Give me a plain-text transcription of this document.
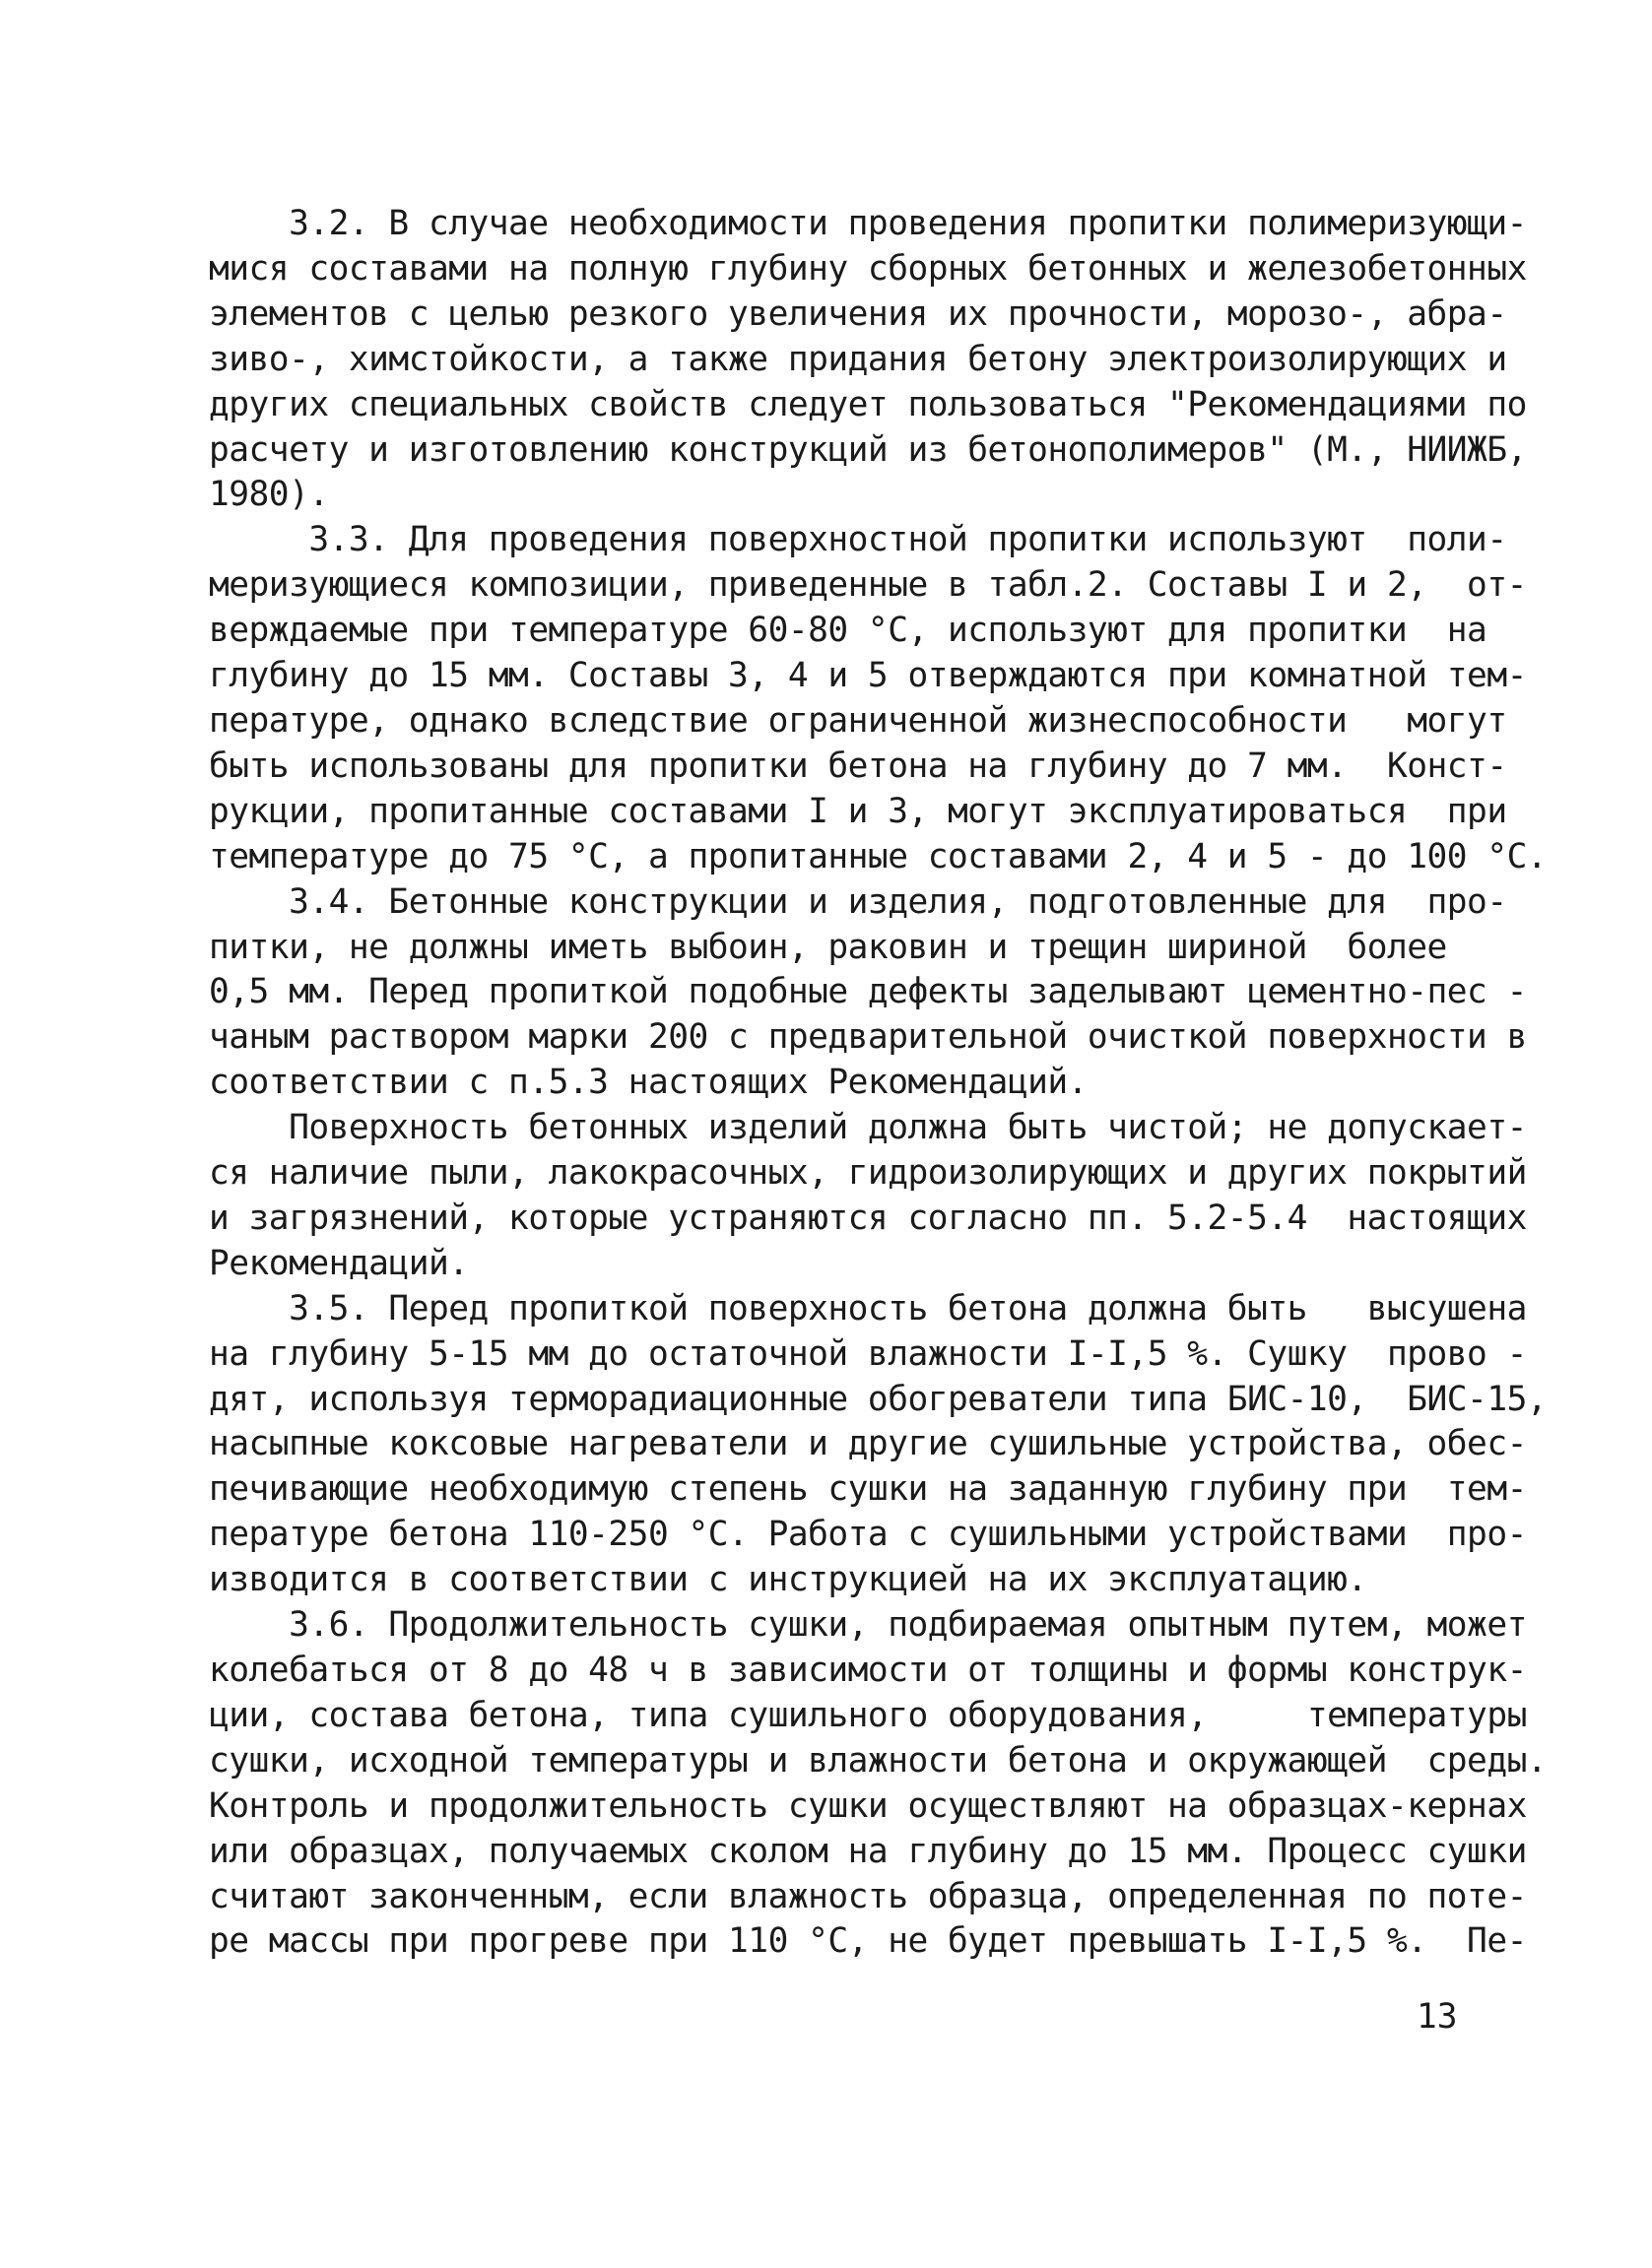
3.2. В случае необходимости проведения пропитки полимеризующи-
мися составами на полную глубину сборных бетонных и железобетонных
элементов с целью резкого увеличения их прочности, морозо-, абра-
зиво-, химстойкости, а также придания бетону электроизолирующих и
других специальных свойств следует пользоваться "Рекомендациями по
расчету и изготовлению конструкций из бетонополимеров" (М., НИИЖБ,
1980).
3.3. Для проведения поверхностной пропитки используют  поли-
меризующиеся композиции, приведенные в табл.2. Составы I и 2,  от-
верждаемые при температуре 60-80 °С, используют для пропитки  на
глубину до 15 мм. Составы 3, 4 и 5 отверждаются при комнатной тем-
пературе, однако вследствие ограниченной жизнеспособности   могут
быть использованы для пропитки бетона на глубину до 7 мм.  Конст-
рукции, пропитанные составами I и 3, могут эксплуатироваться  при
температуре до 75 °С, а пропитанные составами 2, 4 и 5 - до 100 °С.
3.4. Бетонные конструкции и изделия, подготовленные для  про-
питки, не должны иметь выбоин, раковин и трещин шириной  более
0,5 мм. Перед пропиткой подобные дефекты заделывают цементно-пес -
чаным раствором марки 200 с предварительной очисткой поверхности в
соответствии с п.5.3 настоящих Рекомендаций.
Поверхность бетонных изделий должна быть чистой; не допускает-
ся наличие пыли, лакокрасочных, гидроизолирующих и других покрытий
и загрязнений, которые устраняются согласно пп. 5.2-5.4  настоящих
Рекомендаций.
3.5. Перед пропиткой поверхность бетона должна быть   высушена
на глубину 5-15 мм до остаточной влажности I-I,5 %. Сушку  прово -
дят, используя терморадиационные обогреватели типа БИС-10,  БИС-15,
насыпные коксовые нагреватели и другие сушильные устройства, обес-
печивающие необходимую степень сушки на заданную глубину при  тем-
пературе бетона 110-250 °С. Работа с сушильными устройствами  про-
изводится в соответствии с инструкцией на их эксплуатацию.
3.6. Продолжительность сушки, подбираемая опытным путем, может
колебаться от 8 до 48 ч в зависимости от толщины и формы конструк-
ции, состава бетона, типа сушильного оборудования,     температуры
сушки, исходной температуры и влажности бетона и окружающей  среды.
Контроль и продолжительность сушки осуществляют на образцах-кернах
или образцах, получаемых сколом на глубину до 15 мм. Процесс сушки
считают законченным, если влажность образца, определенная по поте-
ре массы при прогреве при 110 °С, не будет превышать I-I,5 %.  Пе-
13
